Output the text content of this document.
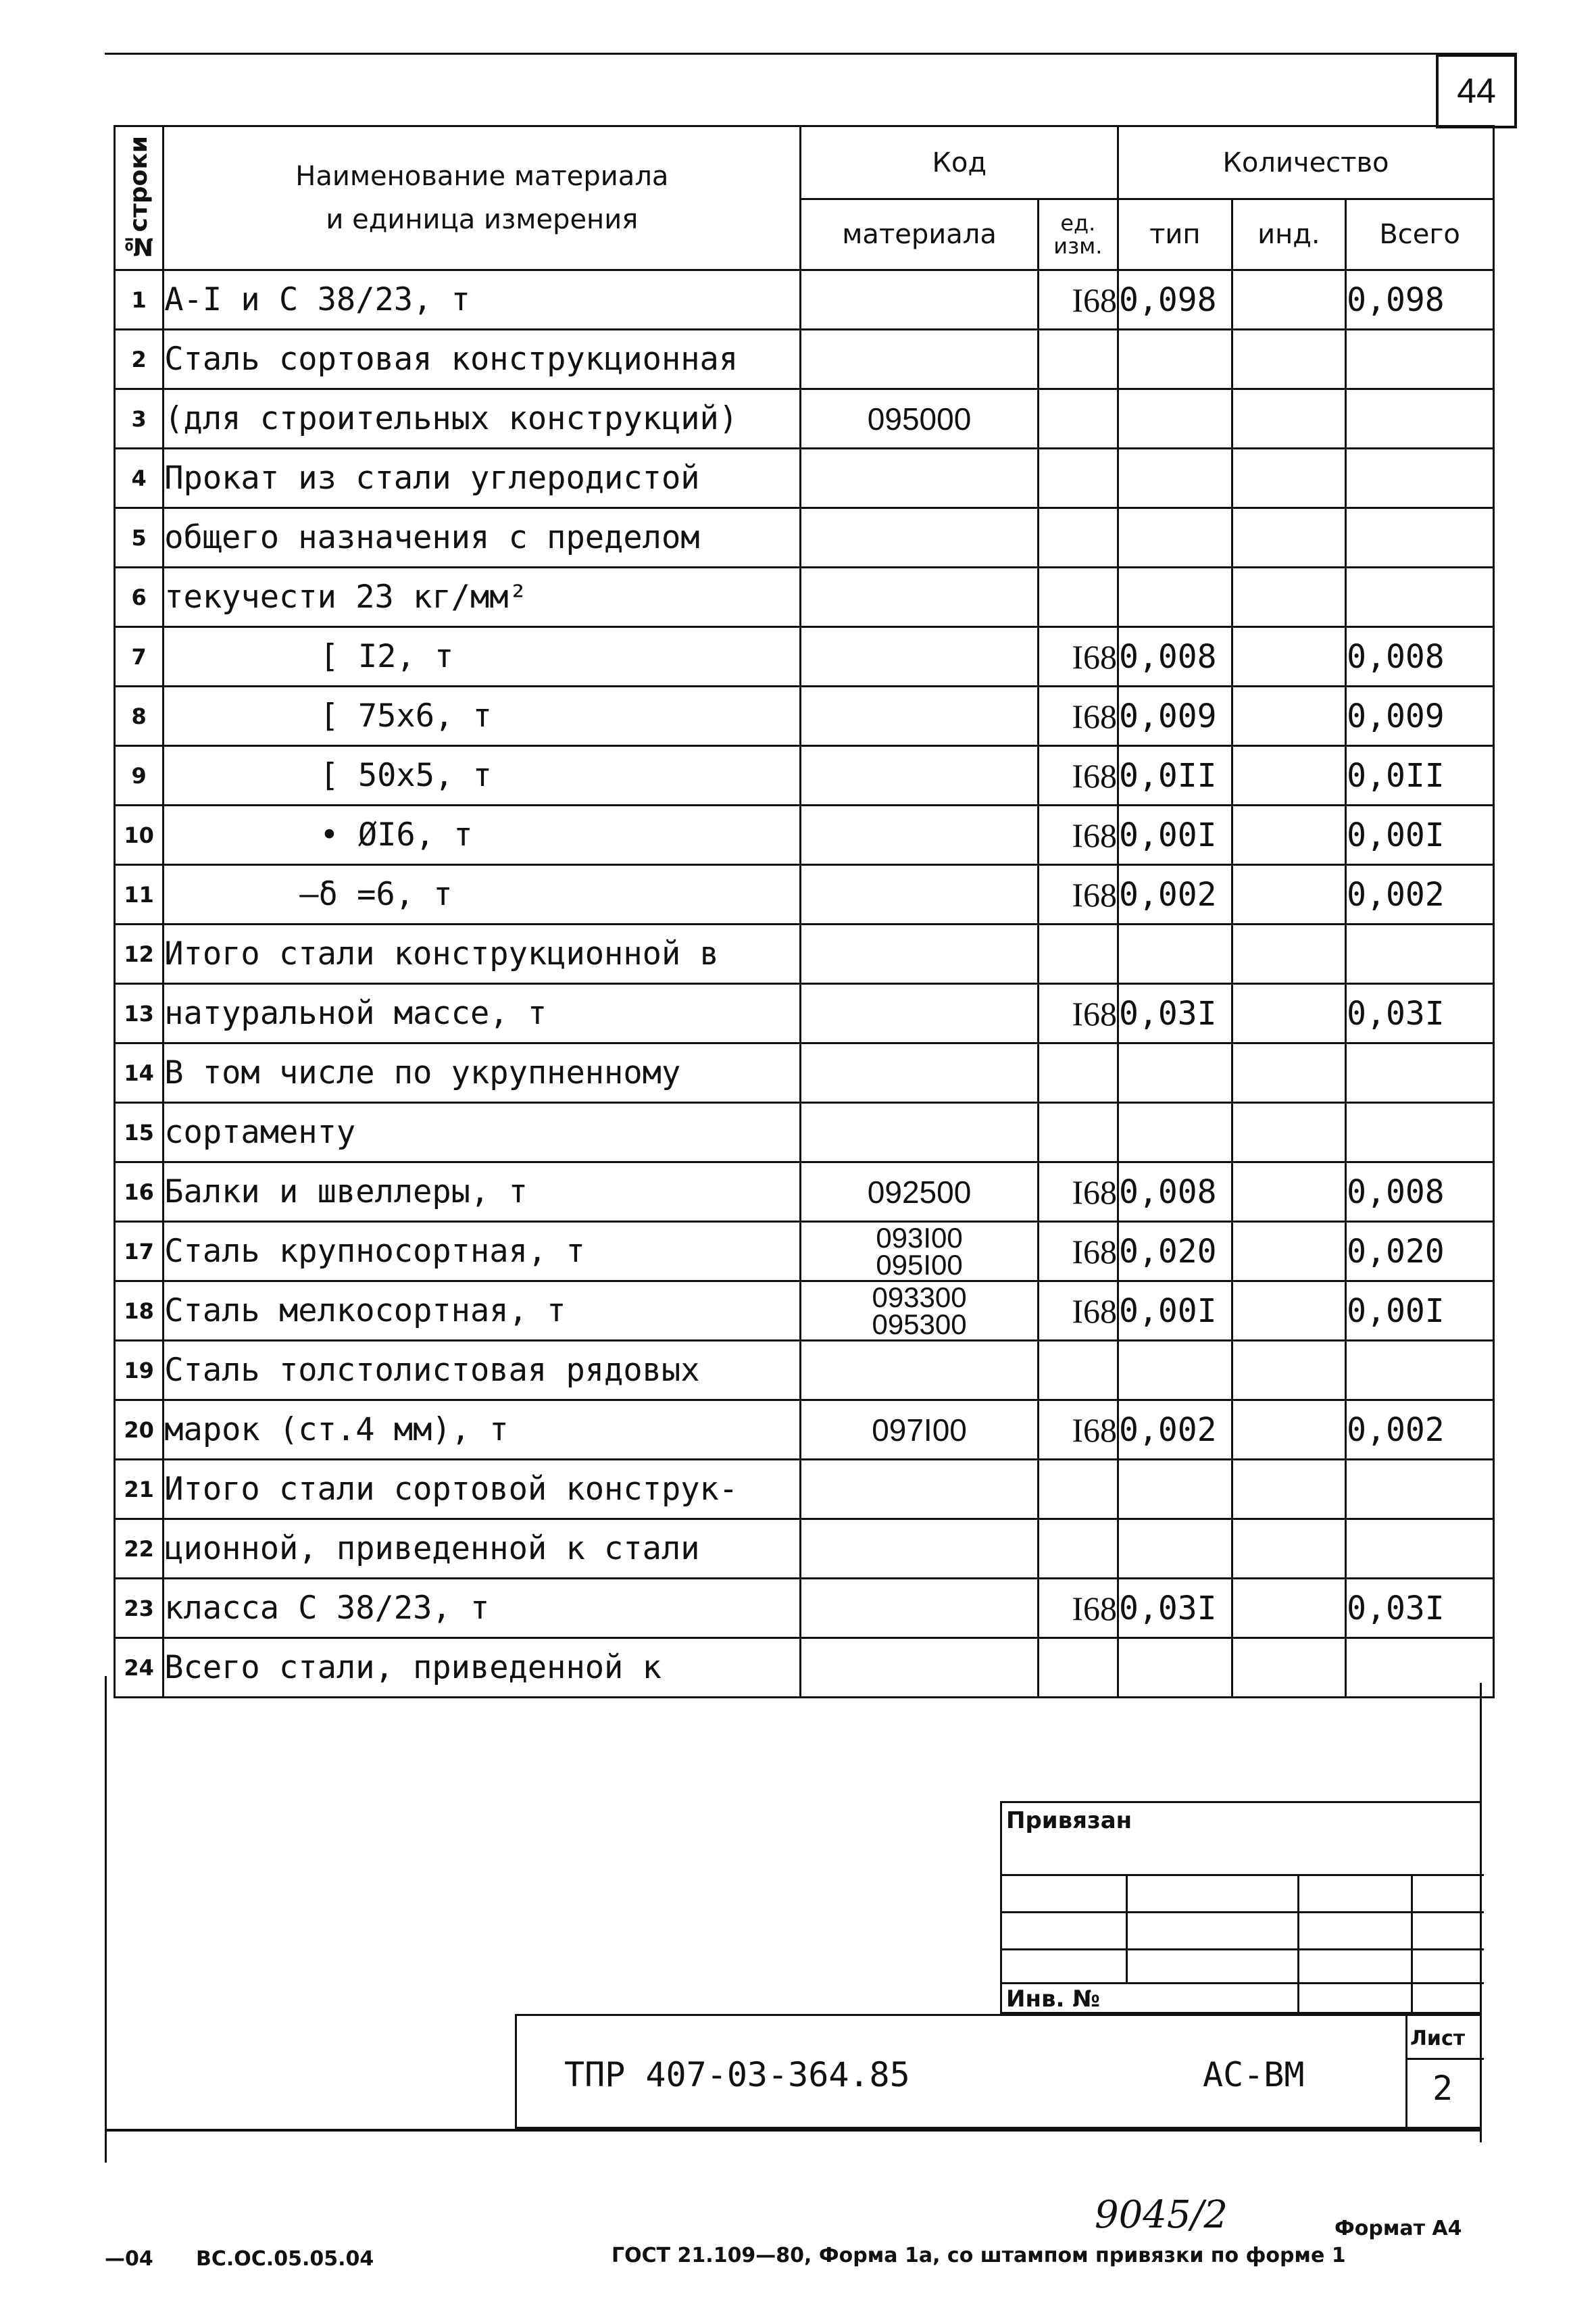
44
№строки	Наименование материала
и единица измерения	Код		Количество		
		материала	ед. изм.	тип	инд.	Всего
1	А-I и С 38/23, т		I68	0,098		0,098
2	Сталь сортовая конструкционная					
3	(для строительных конструкций)	095000				
4	Прокат из стали углеродистой					
5	общего назначения с пределом					
6	текучести 23 кг/мм²					
7	[ I2, т		I68	0,008		0,008
8	[ 75x6, т		I68	0,009		0,009
9	[ 50x5, т		I68	0,0II		0,0II
10	• ØI6, т		I68	0,00I		0,00I
11	—δ =6, т		I68	0,002		0,002
12	Итого стали конструкционной в					
13	натуральной массе, т		I68	0,03I		0,03I
14	В том числе по укрупненному					
15	сортаменту					
16	Балки и швеллеры, т	092500	I68	0,008		0,008
17	Сталь крупносортная, т	093I00
095I00	I68	0,020		0,020
18	Сталь мелкосортная, т	093300
095300	I68	0,00I		0,00I
19	Сталь толстолистовая рядовых					
20	марок (ст.4 мм), т	097I00	I68	0,002		0,002
21	Итого стали сортовой конструк-					
22	ционной, приведенной к стали					
23	класса С 38/23, т		I68	0,03I		0,03I
24	Всего стали, приведенной к					
Привязан
Инв. №
ТПР 407-03-364.85	АС-ВМ
Лист
2
9045/2	Формат А4
—04 ВС.ОС.05.05.04	ГОСТ 21.109—80, Форма 1а, со штампом привязки по форме 1
